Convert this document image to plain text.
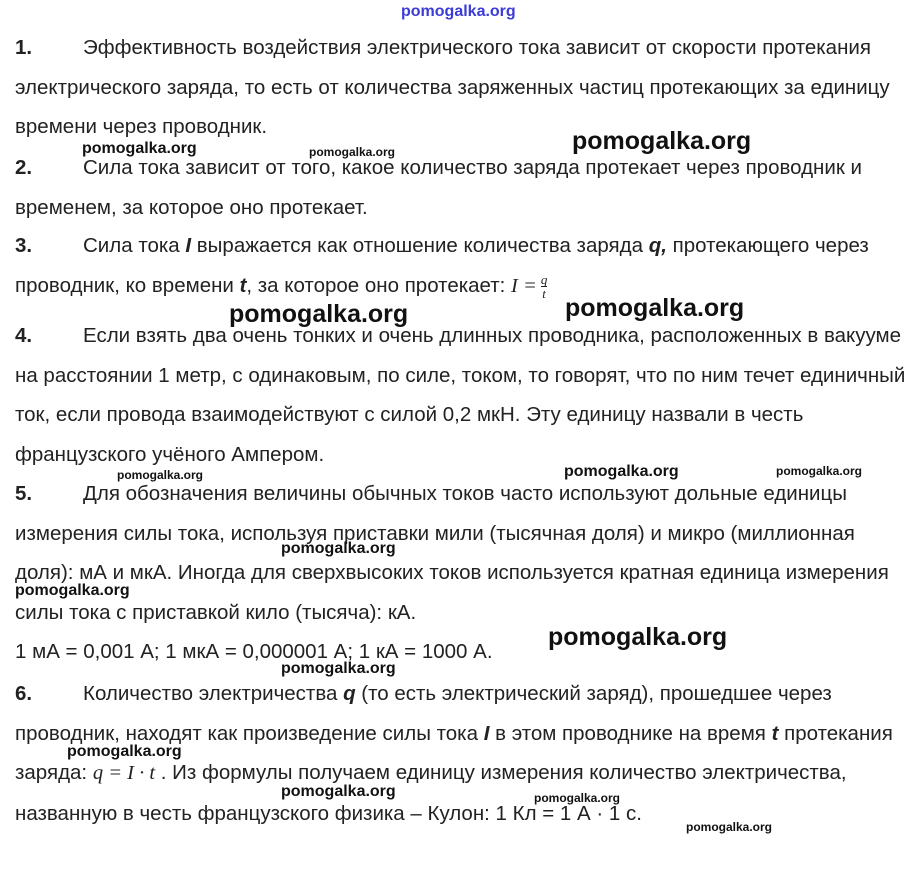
pomogalka.org
1. Эффективность воздействия электрического тока зависит от скорости протекания электрического заряда, то есть от количества заряженных частиц протекающих за единицу времени через проводник.
2. Сила тока зависит от того, какое количество заряда протекает через проводник и временем, за которое оно протекает.
3. Сила тока I выражается как отношение количества заряда q, протекающего через проводник, ко времени t, за которое оно протекает: $I = \frac{q}{t}$
4. Если взять два очень тонких и очень длинных проводника, расположенных в вакууме на расстоянии 1 метр, с одинаковым, по силе, током, то говорят, что по ним течет единичный ток, если провода взаимодействуют с силой 0,2 мкН. Эту единицу назвали в честь французского учёного Ампером.
5. Для обозначения величины обычных токов часто используют дольные единицы измерения силы тока, используя приставки мили (тысячная доля) и микро (миллионная доля): мА и мкА. Иногда для сверхвысоких токов используется кратная единица измерения силы тока с приставкой кило (тысяча): кА.
1 мА = 0,001 А; 1 мкА = 0,000001 А; 1 кА = 1000 А.
6. Количество электричества q (то есть электрический заряд), прошедшее через проводник, находят как произведение силы тока I в этом проводнике на время t протекания заряда: q = I · t . Из формулы получаем единицу измерения количество электричества, названную в честь французского физика – Кулон: 1 Кл = 1 А · 1 с.
pomogalka.org
pomogalka.org	pomogalka.org
pomogalka.org
pomogalka.org
pomogalka.org	pomogalka.org	pomogalka.org
pomogalka.org
pomogalka.org
pomogalka.org
pomogalka.org
pomogalka.org
pomogalka.org	pomogalka.org
pomogalka.org
